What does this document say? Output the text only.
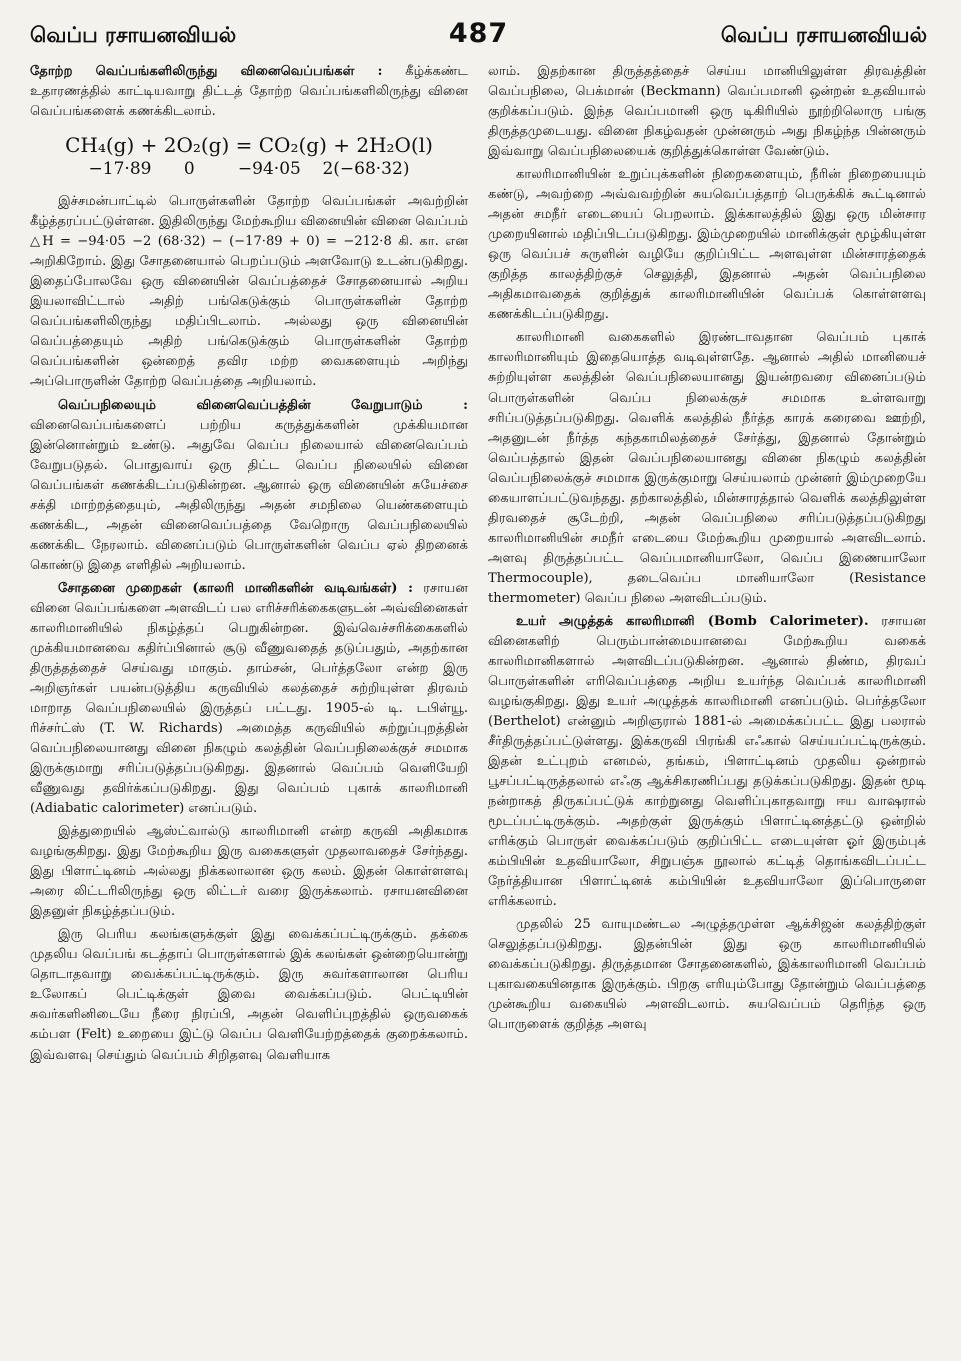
வெப்ப ரசாயனவியல்	487	வெப்ப ரசாயனவியல்

தோற்ற வெப்பங்களிலிருந்து வினைவெப்பங்கள் : கீழ்க்கண்ட உதாரணத்தில் காட்டியவாறு திட்டத் தோற்ற வெப்பங்களிலிருந்து வினை வெப்பங்களைக் கணக்கிடலாம்.

CH₄(g) + 2O₂(g) = CO₂(g) + 2H₂O(l)
−17·89      0        −94·05    2(−68·32)

இச்சமன்பாட்டில் பொருள்களின் தோற்ற வெப்பங்கள் அவற்றின் கீழ்த்தரப்பட்டுள்ளன. இதிலிருந்து மேற்கூறிய வினையின் வினை வெப்பம் △H = −94·05 −2 (68·32) − (−17·89 + 0) = −212·8 கி. கா. என அறிகிறோம். இது சோதனையால் பெறப்படும் அளவோடு உடன்படுகிறது. இதைப்போலவே ஒரு வினையின் வெப்பத்தைச் சோதனையால் அறிய இயலாவிட்டால் அதிற் பங்கெடுக்கும் பொருள்களின் தோற்ற வெப்பங்களிலிருந்து மதிப்பிடலாம். அல்லது ஒரு வினையின் வெப்பத்தையும் அதிற் பங்கெடுக்கும் பொருள்களின் தோற்ற வெப்பங்களின் ஒன்றைத் தவிர மற்ற வைகளையும் அறிந்து அப்பொருளின் தோற்ற வெப்பத்தை அறியலாம்.

வெப்பநிலையும் வினைவெப்பத்தின் வேறுபாடும் : வினைவெப்பங்களைப் பற்றிய கருத்துக்களின் முக்கியமான இன்னொன்றும் உண்டு. அதுவே வெப்ப நிலையால் வினைவெப்பம் வேறுபடுதல். பொதுவாய் ஒரு திட்ட வெப்ப நிலையில் வினை வெப்பங்கள் கணக்கிடப்படுகின்றன. ஆனால் ஒரு வினையின் சுயேச்சை சக்தி மாற்றத்தையும், அதிலிருந்து அதன் சமநிலை யெண்களையும் கணக்கிட, அதன் வினைவெப்பத்தை வேறொரு வெப்பநிலையில் கணக்கிட நேரலாம். வினைப்படும் பொருள்களின் வெப்ப ஏல் திறனைக் கொண்டு இதை எளிதில் அறியலாம்.

சோதனை முறைகள் (காலரி மானிகளின் வடிவங்கள்) : ரசாயன வினை வெப்பங்களை அளவிடப் பல எரிச்சரிக்கைகளுடன் அவ்வினைகள் காலரிமானியில் நிகழ்த்தப் பெறுகின்றன. இவ்வெச்சரிக்கைகளில் முக்கியமானவை கதிர்ப்பினால் சூடு வீணுவதைத் தடுப்பதும், அதற்கான திருத்தத்தைச் செய்வது மாகும். தாம்சன், பெர்த்தலோ என்ற இரு அறிஞர்கள் பயன்படுத்திய கருவியில் கலத்தைச் சுற்றியுள்ள திரவம் மாறாத வெப்பநிலையில் இருத்தப் பட்டது. 1905-ல் டி. டபிள்யூ. ரிச்சர்ட்ஸ் (T. W. Richards) அமைத்த கருவியில் சுற்றுப்புறத்தின் வெப்பநிலையானது வினை நிகழும் கலத்தின் வெப்பநிலைக்குச் சமமாக இருக்குமாறு சரிப்படுத்தப்படுகிறது. இதனால் வெப்பம் வெளியேறி வீணுவது தவிர்க்கப்படுகிறது. இது வெப்பம் புகாக் காலரிமானி (Adiabatic calorimeter) எனப்படும்.

இத்துறையில் ஆஸ்ட்வால்டு காலரிமானி என்ற கருவி அதிகமாக வழங்குகிறது. இது மேற்கூறிய இரு வகைகளுள் முதலாவதைச் சேர்ந்தது. இது பிளாட்டினம் அல்லது நிக்கலாலான ஒரு கலம். இதன் கொள்ளளவு அரை லிட்டரிலிருந்து ஒரு லிட்டர் வரை இருக்கலாம். ரசாயனவினை இதனுள் நிகழ்த்தப்படும்.

இரு பெரிய கலங்களுக்குள் இது வைக்கப்பட்டிருக்கும். தக்கை முதலிய வெப்பங் கடத்தாப் பொருள்களால் இக் கலங்கள் ஒன்றையொன்று தொடாதவாறு வைக்கப்பட்டிருக்கும். இரு சுவர்களாலான பெரிய உலோகப் பெட்டிக்குள் இவை வைக்கப்படும். பெட்டியின் சுவர்களினிடையே நீரை நிரப்பி, அதன் வெளிப்புறத்தில் ஒருவகைக் கம்பள (Felt) உறையை இட்டு வெப்ப வெளியேற்றத்தைக் குறைக்கலாம். இவ்வளவு செய்தும் வெப்பம் சிறிதளவு வெளியாக

லாம். இதற்கான திருத்தத்தைச் செய்ய மானியிலுள்ள திரவத்தின் வெப்பநிலை, பெக்மான் (Beckmann) வெப்பமானி ஒன்றன் உதவியால் குறிக்கப்படும். இந்த வெப்பமானி ஒரு டிகிரியில் நூற்றிலொரு பங்கு திருத்தமுடையது. வினை நிகழ்வதன் முன்னரும் அது நிகழ்ந்த பின்னரும் இவ்வாறு வெப்பநிலையைக் குறித்துக்கொள்ள வேண்டும்.

காலரிமானியின் உறுப்புக்களின் நிறைகளையும், நீரின் நிறையையும் கண்டு, அவற்றை அவ்வவற்றின் சுயவெப்பத்தாற் பெருக்கிக் கூட்டினால் அதன் சமநீர் எடையைப் பெறலாம். இக்காலத்தில் இது ஒரு மின்சார முறையினால் மதிப்பிடப்படுகிறது. இம்முறையில் மானிக்குள் மூழ்கியுள்ள ஒரு வெப்பச் சுருளின் வழியே குறிப்பிட்ட அளவுள்ள மின்சாரத்தைக் குறித்த காலத்திற்குச் செலுத்தி, இதனால் அதன் வெப்பநிலை அதிகமாவதைக் குறித்துக் காலரிமானியின் வெப்பக் கொள்ளளவு கணக்கிடப்படுகிறது.

காலரிமானி வகைகளில் இரண்டாவதான வெப்பம் புகாக் காலரிமானியும் இதையொத்த வடிவுள்ளதே. ஆனால் அதில் மானியைச் சுற்றியுள்ள கலத்தின் வெப்பநிலையானது இயன்றவரை வினைப்படும் பொருள்களின் வெப்ப நிலைக்குச் சமமாக உள்ளவாறு சரிப்படுத்தப்படுகிறது. வெளிக் கலத்தில் நீர்த்த காரக் கரைவை ஊற்றி, அதனுடன் நீர்த்த கந்தகாமிலத்தைச் சேர்த்து, இதனால் தோன்றும் வெப்பத்தால் இதன் வெப்பநிலையானது வினை நிகழும் கலத்தின் வெப்பநிலைக்குச் சமமாக இருக்குமாறு செய்யலாம் முன்னர் இம்முறையே கையாளப்பட்டுவந்தது. தற்காலத்தில், மின்சாரத்தால் வெளிக் கலத்திலுள்ள திரவதைச் சூடேற்றி, அதன் வெப்பநிலை சரிப்படுத்தப்படுகிறது காலரிமானியின் சமநீர் எடையை மேற்கூறிய முறையால் அளவிடலாம். அளவு திருத்தப்பட்ட வெப்பமானியாலோ, வெப்ப இணையாலோ Thermocouple), தடைவெப்ப மானியாலோ (Resistance thermometer) வெப்ப நிலை அளவிடப்படும்.

உயர் அழுத்தக் காலரிமானி (Bomb Calorimeter). ரசாயன வினைகளிற் பெரும்பான்மையானவை மேற்கூறிய வகைக் காலரிமானிகளால் அளவிடப்படுகின்றன. ஆனால் திண்ம, திரவப் பொருள்களின் எரிவெப்பத்தை அறிய உயர்ந்த வெப்பக் காலரிமானி வழங்குகிறது. இது உயர் அழுத்தக் காலரிமானி எனப்படும். பெர்த்தலோ (Berthelot) என்னும் அறிஞரால் 1881-ல் அமைக்கப்பட்ட இது பலரால் சீர்திருத்தப்பட்டுள்ளது. இக்கருவி பிரங்கி எஃகால் செய்யப்பட்டிருக்கும். இதன் உட்புறம் எனமல், தங்கம், பிளாட்டினம் முதலிய ஒன்றால் பூசப்பட்டிருத்தலால் எஃகு ஆக்சிகரணிப்பது தடுக்கப்படுகிறது. இதன் மூடி நன்றாகத் திருகப்பட்டுக் காற்றுனது வெளிப்புகாதவாறு ஈய வாஷரால் மூடப்பட்டிருக்கும். அதற்குள் இருக்கும் பிளாட்டினத்தட்டு ஒன்றில் எரிக்கும் பொருள் வைக்கப்படும் குறிப்பிட்ட எடையுள்ள ஓர் இரும்புக் கம்பியின் உதவியாலோ, சிறுபஞ்சு நூலால் கட்டித் தொங்கவிடப்பட்ட நேர்த்தியான பிளாட்டினக் கம்பியின் உதவியாலோ இப்பொருளை எரிக்கலாம்.

முதலில் 25 வாயுமண்டல அழுத்தமுள்ள ஆக்சிஜன் கலத்திற்குள் செலுத்தப்படுகிறது. இதன்பின் இது ஒரு காலரிமானியில் வைக்கப்படுகிறது. திருத்தமான சோதனைகளில், இக்காலரிமானி வெப்பம் புகாவகையினதாக இருக்கும். பிறகு எரியும்போது தோன்றும் வெப்பத்தை முன்கூறிய வகையில் அளவிடலாம். சுயவெப்பம் தெரிந்த ஒரு பொருளைக் குறித்த அளவு
